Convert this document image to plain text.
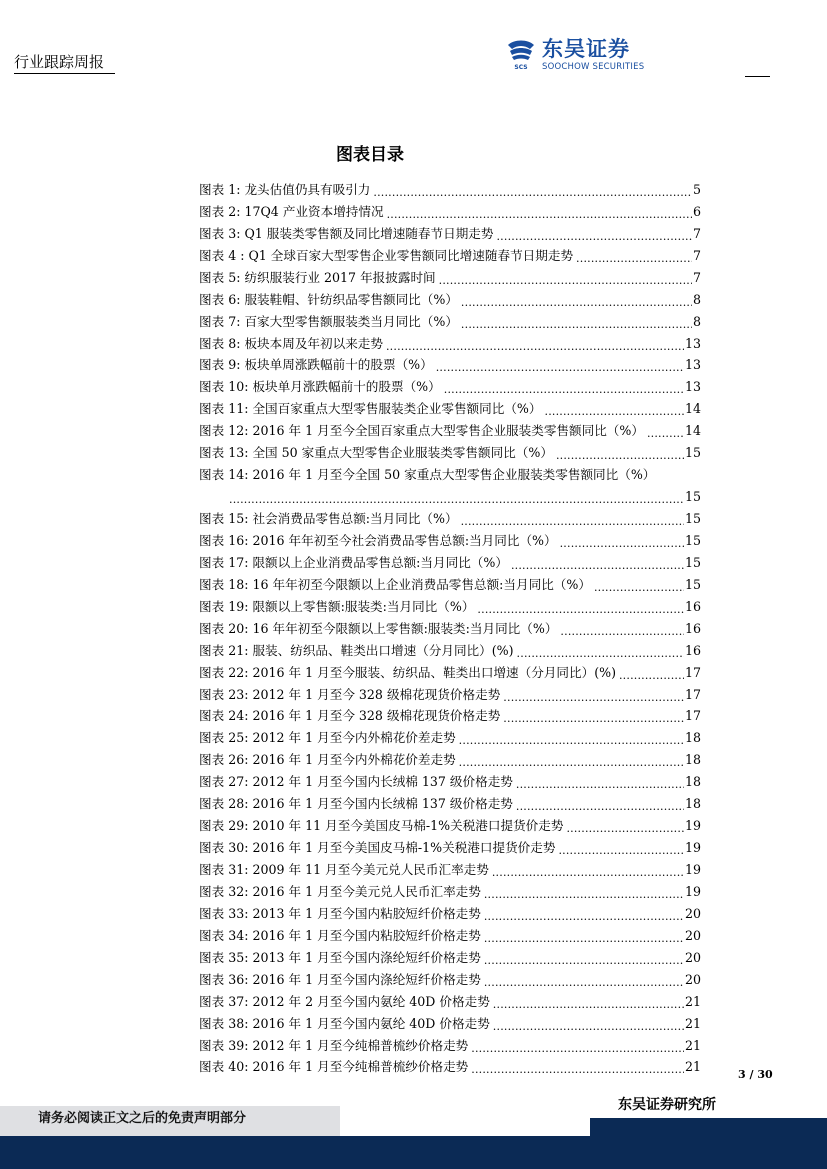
行业跟踪周报	SCS
东吴证券
SOOCHOW SECURITIES
图表目录
图表 1: 龙头估值仍具有吸引力 .....	5
图表 2: 17Q4 产业资本增持情况 .....	6
图表 3: Q1 服装类零售额及同比增速随春节日期走势 .....	7
图表 4 : Q1 全球百家大型零售企业零售额同比增速随春节日期走势 .....	7
图表 5: 纺织服装行业 2017 年报披露时间 .....	7
图表 6: 服装鞋帽、针纺织品零售额同比（%） .....	8
图表 7: 百家大型零售额服装类当月同比（%） .....	8
图表 8: 板块本周及年初以来走势 .....	13
图表 9: 板块单周涨跌幅前十的股票（%） .....	13
图表 10: 板块单月涨跌幅前十的股票（%） .....	13
图表 11: 全国百家重点大型零售服装类企业零售额同比（%） .....	14
图表 12: 2016 年 1 月至今全国百家重点大型零售企业服装类零售额同比（%） .....	14
图表 13: 全国 50 家重点大型零售企业服装类零售额同比（%） .....	15
图表 14: 2016 年 1 月至今全国 50 家重点大型零售企业服装类零售额同比（%）
.....
15
图表 15: 社会消费品零售总额:当月同比（%） .....	15
图表 16: 2016 年年初至今社会消费品零售总额:当月同比（%） .....	15
图表 17: 限额以上企业消费品零售总额:当月同比（%） .....	15
图表 18: 16 年年初至今限额以上企业消费品零售总额:当月同比（%） .....	15
图表 19: 限额以上零售额:服装类:当月同比（%） .....	16
图表 20: 16 年年初至今限额以上零售额:服装类:当月同比（%） .....	16
图表 21: 服装、纺织品、鞋类出口增速（分月同比）(%) .....	16
图表 22: 2016 年 1 月至今服装、纺织品、鞋类出口增速（分月同比）(%) .....	17
图表 23: 2012 年 1 月至今 328 级棉花现货价格走势 .....	17
图表 24: 2016 年 1 月至今 328 级棉花现货价格走势 .....	17
图表 25: 2012 年 1 月至今内外棉花价差走势 .....	18
图表 26: 2016 年 1 月至今内外棉花价差走势 .....	18
图表 27: 2012 年 1 月至今国内长绒棉 137 级价格走势 .....	18
图表 28: 2016 年 1 月至今国内长绒棉 137 级价格走势 .....	18
图表 29: 2010 年 11 月至今美国皮马棉-1%关税港口提货价走势 .....	19
图表 30: 2016 年 1 月至今美国皮马棉-1%关税港口提货价走势 .....	19
图表 31: 2009 年 11 月至今美元兑人民币汇率走势 .....	19
图表 32: 2016 年 1 月至今美元兑人民币汇率走势 .....	19
图表 33: 2013 年 1 月至今国内粘胶短纤价格走势 .....	20
图表 34: 2016 年 1 月至今国内粘胶短纤价格走势 .....	20
图表 35: 2013 年 1 月至今国内涤纶短纤价格走势 .....	20
图表 36: 2016 年 1 月至今国内涤纶短纤价格走势 .....	20
图表 37: 2012 年 2 月至今国内氨纶 40D 价格走势 .....	21
图表 38: 2016 年 1 月至今国内氨纶 40D 价格走势 .....	21
图表 39: 2012 年 1 月至今纯棉普梳纱价格走势 .....	21
图表 40: 2016 年 1 月至今纯棉普梳纱价格走势 .....	21
3 / 30
东吴证券研究所
请务必阅读正文之后的免责声明部分
